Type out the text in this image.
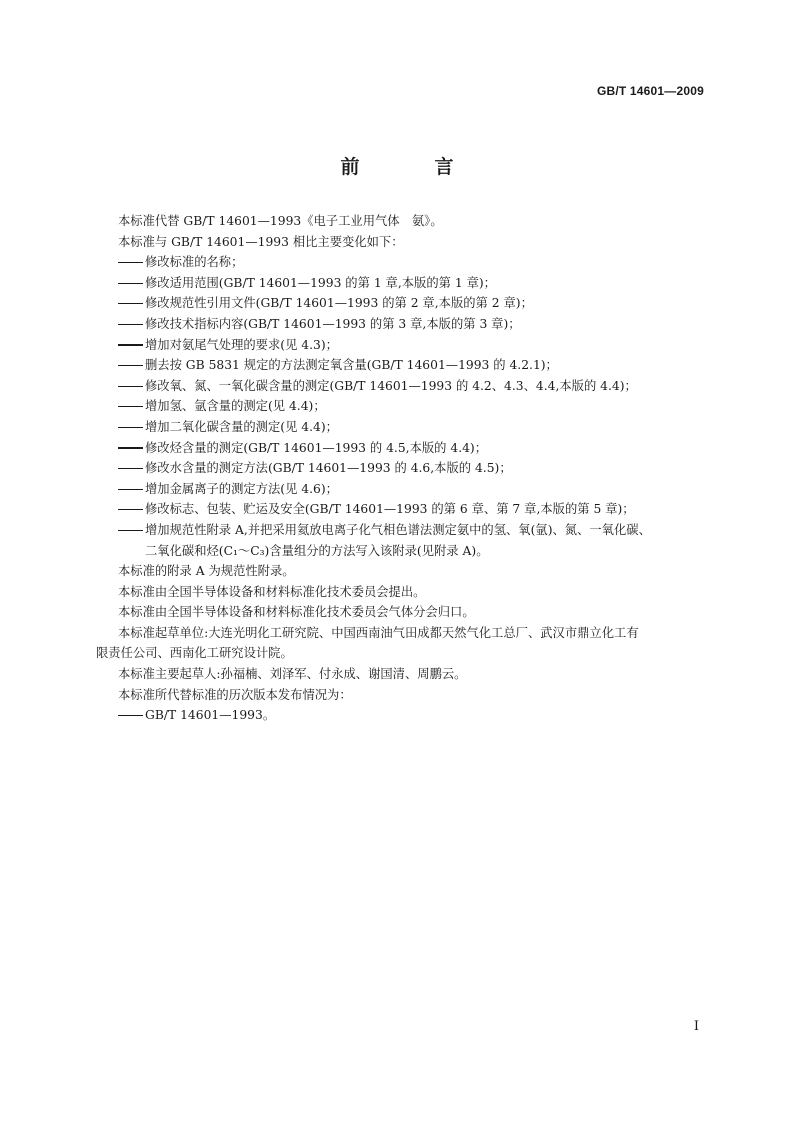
GB/T 14601—2009
前　言

本标准代替 GB/T 14601—1993《电子工业用气体　氨》。

本标准与 GB/T 14601—1993 相比主要变化如下：

修改标准的名称；

修改适用范围(GB/T 14601—1993 的第 1 章,本版的第 1 章)；

修改规范性引用文件(GB/T 14601—1993 的第 2 章,本版的第 2 章)；

修改技术指标内容(GB/T 14601—1993 的第 3 章,本版的第 3 章)；

增加对氨尾气处理的要求(见 4.3)；

删去按 GB 5831 规定的方法测定氧含量(GB/T 14601—1993 的 4.2.1)；

修改氧、氮、一氧化碳含量的测定(GB/T 14601—1993 的 4.2、4.3、4.4,本版的 4.4)；

增加氢、氩含量的测定(见 4.4)；

增加二氧化碳含量的测定(见 4.4)；

修改烃含量的测定(GB/T 14601—1993 的 4.5,本版的 4.4)；

修改水含量的测定方法(GB/T 14601—1993 的 4.6,本版的 4.5)；

增加金属离子的测定方法(见 4.6)；

修改标志、包装、贮运及安全(GB/T 14601—1993 的第 6 章、第 7 章,本版的第 5 章)；

增加规范性附录 A,并把采用氦放电离子化气相色谱法测定氨中的氢、氧(氩)、氮、一氧化碳、

二氧化碳和烃(C₁～C₃)含量组分的方法写入该附录(见附录 A)。

本标准的附录 A 为规范性附录。

本标准由全国半导体设备和材料标准化技术委员会提出。

本标准由全国半导体设备和材料标准化技术委员会气体分会归口。

本标准起草单位:大连光明化工研究院、中国西南油气田成都天然气化工总厂、武汉市鼎立化工有

限责任公司、西南化工研究设计院。

本标准主要起草人:孙福楠、刘泽军、付永成、谢国清、周鹏云。

本标准所代替标准的历次版本发布情况为：

GB/T 14601—1993。

I
